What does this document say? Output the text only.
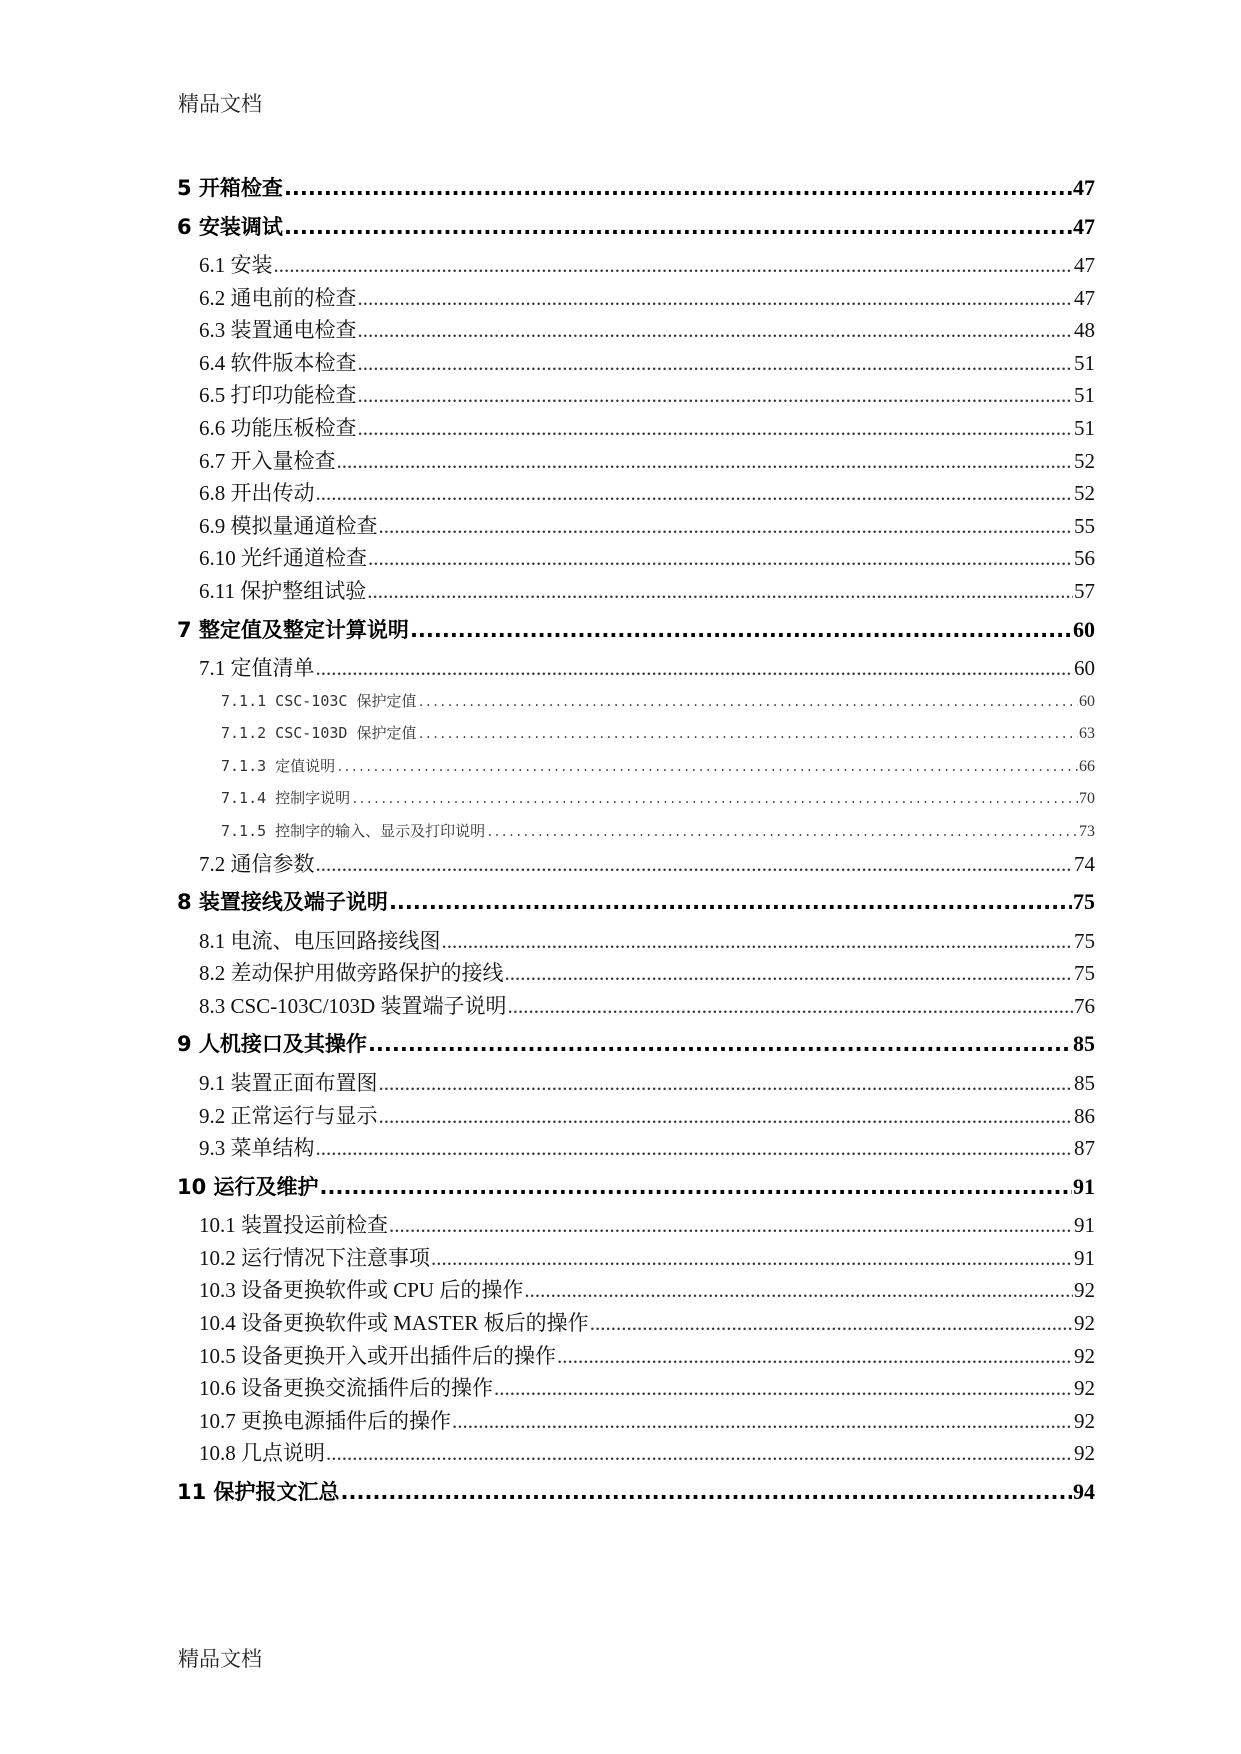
精品文档
5 开箱检查 .....	47
6 安装调试 .....	47
6.1 安装 .....	47
6.2 通电前的检查 .....	47
6.3 装置通电检查 .....	48
6.4 软件版本检查 .....	51
6.5 打印功能检查 .....	51
6.6 功能压板检查 .....	51
6.7 开入量检查 .....	52
6.8 开出传动 .....	52
6.9 模拟量通道检查 .....	55
6.10 光纤通道检查 .....	56
6.11 保护整组试验 .....	57
7 整定值及整定计算说明 .....	60
7.1 定值清单 .....	60
7.1.1 CSC-103C 保护定值 .....	60
7.1.2 CSC-103D 保护定值 .....	63
7.1.3 定值说明 .....	66
7.1.4 控制字说明 .....	70
7.1.5 控制字的输入、显示及打印说明 .....	73
7.2 通信参数 .....	74
8 装置接线及端子说明 .....	75
8.1 电流、电压回路接线图 .....	75
8.2 差动保护用做旁路保护的接线 .....	75
8.3 CSC-103C/103D 装置端子说明 .....	76
9 人机接口及其操作 .....	85
9.1 装置正面布置图 .....	85
9.2 正常运行与显示 .....	86
9.3 菜单结构 .....	87
10 运行及维护 .....	91
10.1 装置投运前检查 .....	91
10.2 运行情况下注意事项 .....	91
10.3 设备更换软件或 CPU 后的操作 .....	92
10.4 设备更换软件或 MASTER 板后的操作 .....	92
10.5 设备更换开入或开出插件后的操作 .....	92
10.6 设备更换交流插件后的操作 .....	92
10.7 更换电源插件后的操作 .....	92
10.8 几点说明 .....	92
11 保护报文汇总 .....	94
精品文档
